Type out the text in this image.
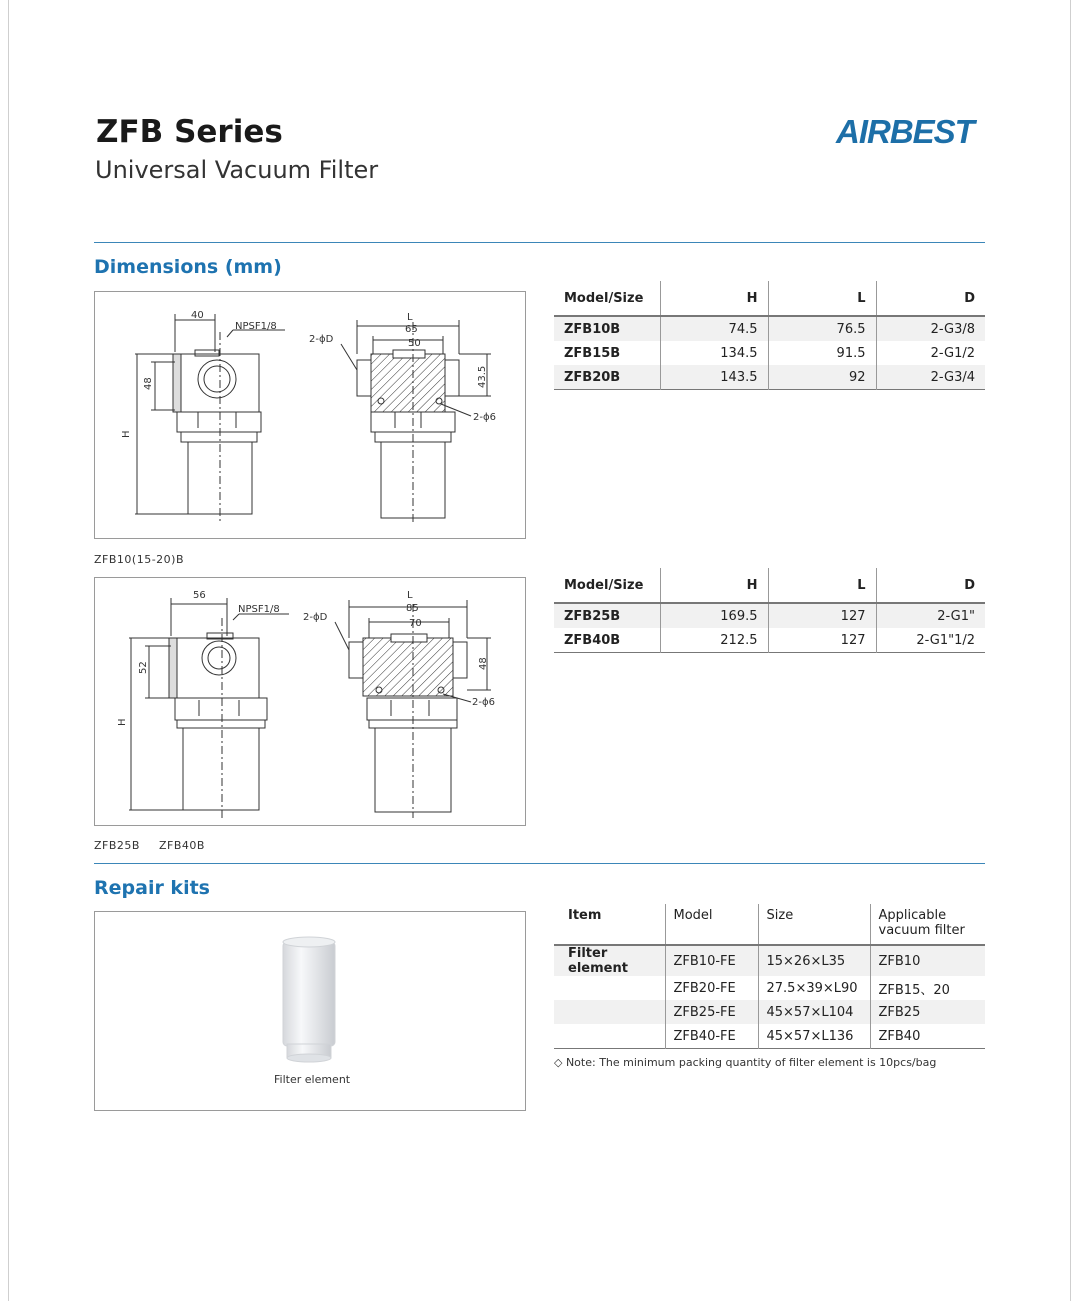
ZFB Series
Universal Vacuum Filter
AIRBEST
Dimensions (mm)
40
NPSF1/8
48
H
2-ϕD
L
65
50
43.5
2-ϕ6
ZFB10(15-20)B
Model/Size	H	L	D
ZFB10B	74.5	76.5	2-G3/8
ZFB15B	134.5	91.5	2-G1/2
ZFB20B	143.5	92	2-G3/4
56
NPSF1/8
52
H
2-ϕD
L
85
70
48
2-ϕ6
ZFB25B ZFB40B
Model/Size	H	L	D
ZFB25B	169.5	127	2-G1"
ZFB40B	212.5	127	2-G1"1/2
Repair kits
Filter element
Item	Model	Size	Applicable
vacuum filter
Filter element	ZFB10-FE	15×26×L35	ZFB10
	ZFB20-FE	27.5×39×L90	ZFB15、20
	ZFB25-FE	45×57×L104	ZFB25
	ZFB40-FE	45×57×L136	ZFB40
◇ Note: The minimum packing quantity of filter element is 10pcs/bag
